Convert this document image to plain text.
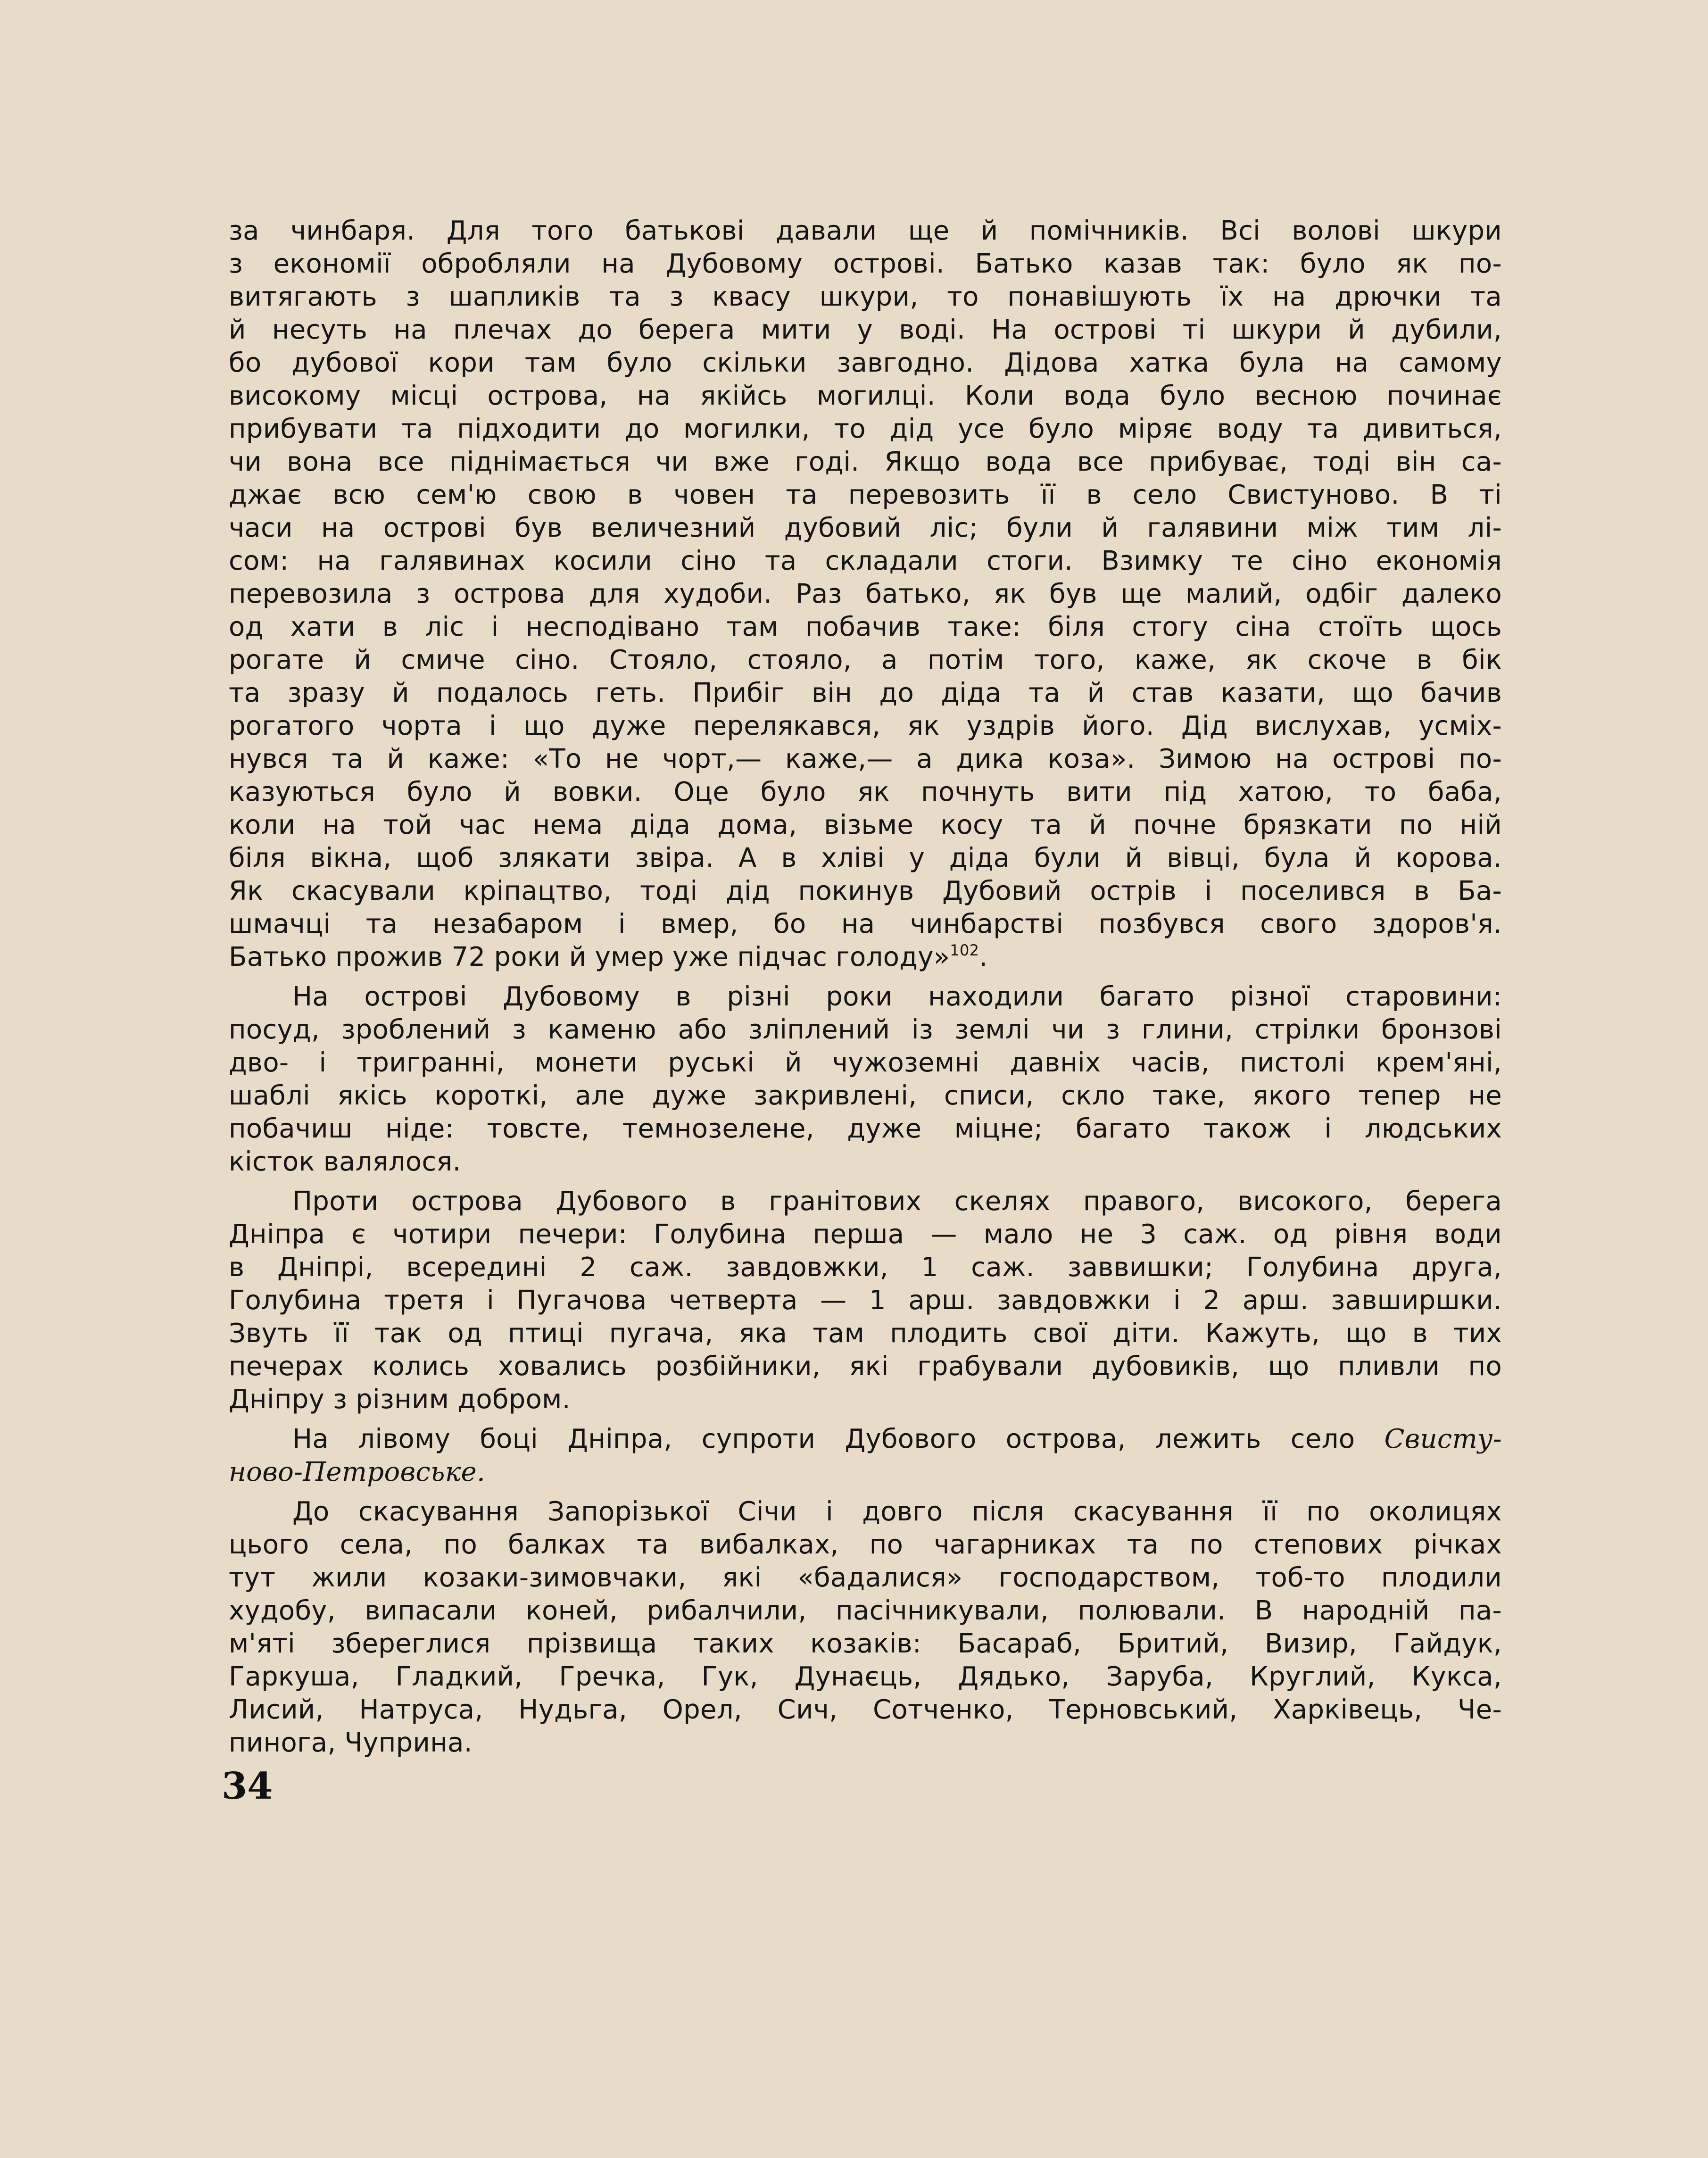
за чинбаря. Для того батьковi давали ще й помічників. Всі волові шкури
з економії обробляли на Дубовому острові. Батько казав так: було як по-
витягають з шапликів та з квасу шкури, то понавішують їх на дрючки та
й несуть на плечах до берега мити у воді. На острові ті шкури й дубили,
бо дубової кори там було скільки завгодно. Дідова хатка була на самому
високому місці острова, на якійсь могилці. Коли вода було весною починає
прибувати та підходити до могилки, то дід усе було міряє воду та дивиться,
чи вона все піднімається чи вже годі. Якщо вода все прибуває, тоді він са-
джає всю сем'ю свою в човен та перевозить її в село Свистуново. В ті
часи на острові був величезний дубовий ліс; були й галявини між тим лі-
сом: на галявинах косили сіно та складали стоги. Взимку те сіно економія
перевозила з острова для худоби. Раз батько, як був ще малий, одбіг далеко
од хати в ліс і несподівано там побачив таке: біля стогу сіна стоїть щось
рогате й смиче сіно. Стояло, стояло, а потім того, каже, як скоче в бік
та зразу й подалось геть. Прибіг він до діда та й став казати, що бачив
рогатого чорта і що дуже перелякався, як уздрів його. Дід вислухав, усміх-
нувся та й каже: «То не чорт,— каже,— а дика коза». Зимою на острові по-
казуються було й вовки. Оце було як почнуть вити під хатою, то баба,
коли на той час нема діда дома, візьме косу та й почне брязкати по ній
біля вікна, щоб злякати звіра. А в хліві у діда були й вівці, була й корова.
Як скасували кріпацтво, тоді дід покинув Дубовий острів і поселився в Ба-
шмачці та незабаром і вмер, бо на чинбарстві позбувся свого здоров'я.
Батько прожив 72 роки й умер уже підчас голоду»$^{102}$.
На острові Дубовому в різні роки находили багато різної старовини:
посуд, зроблений з каменю або зліплений із землі чи з глини, стрілки бронзові
дво- і тригранні, монети руські й чужоземні давніх часів, пистолі крем'яні,
шаблі якісь короткі, але дуже закривлені, списи, скло таке, якого тепер не
побачиш ніде: товсте, темнозелене, дуже міцне; багато також і людських
кісток валялося.
Проти острова Дубового в гранітових скелях правого, високого, берега
Дніпра є чотири печери: Голубина перша — мало не 3 саж. од рівня води
в Дніпрі, всередині 2 саж. завдовжки, 1 саж. заввишки; Голубина друга,
Голубина третя і Пугачова четверта — 1 арш. завдовжки і 2 арш. завширшки.
Звуть її так од птиці пугача, яка там плодить свої діти. Кажуть, що в тих
печерах колись ховались розбійники, які грабували дубовиків, що пливли по
Дніпру з різним добром.
На лівому боці Дніпра, супроти Дубового острова, лежить село Свисту-
ново-Петровське.
До скасування Запорізької Січи і довго після скасування її по околицях
цього села, по балках та вибалках, по чагарниках та по степових річках
тут жили козаки-зимовчаки, які «бадалися» господарством, тоб-то плодили
худобу, випасали коней, рибалчили, пасічникували, полювали. В народній па-
м'яті збереглися прізвища таких козаків: Басараб, Бритий, Визир, Гайдук,
Гаркуша, Гладкий, Гречка, Гук, Дунаєць, Дядько, Заруба, Круглий, Кукса,
Лисий, Натруса, Нудьга, Орел, Сич, Сотченко, Терновський, Харківець, Че-
пинога, Чуприна.
34
